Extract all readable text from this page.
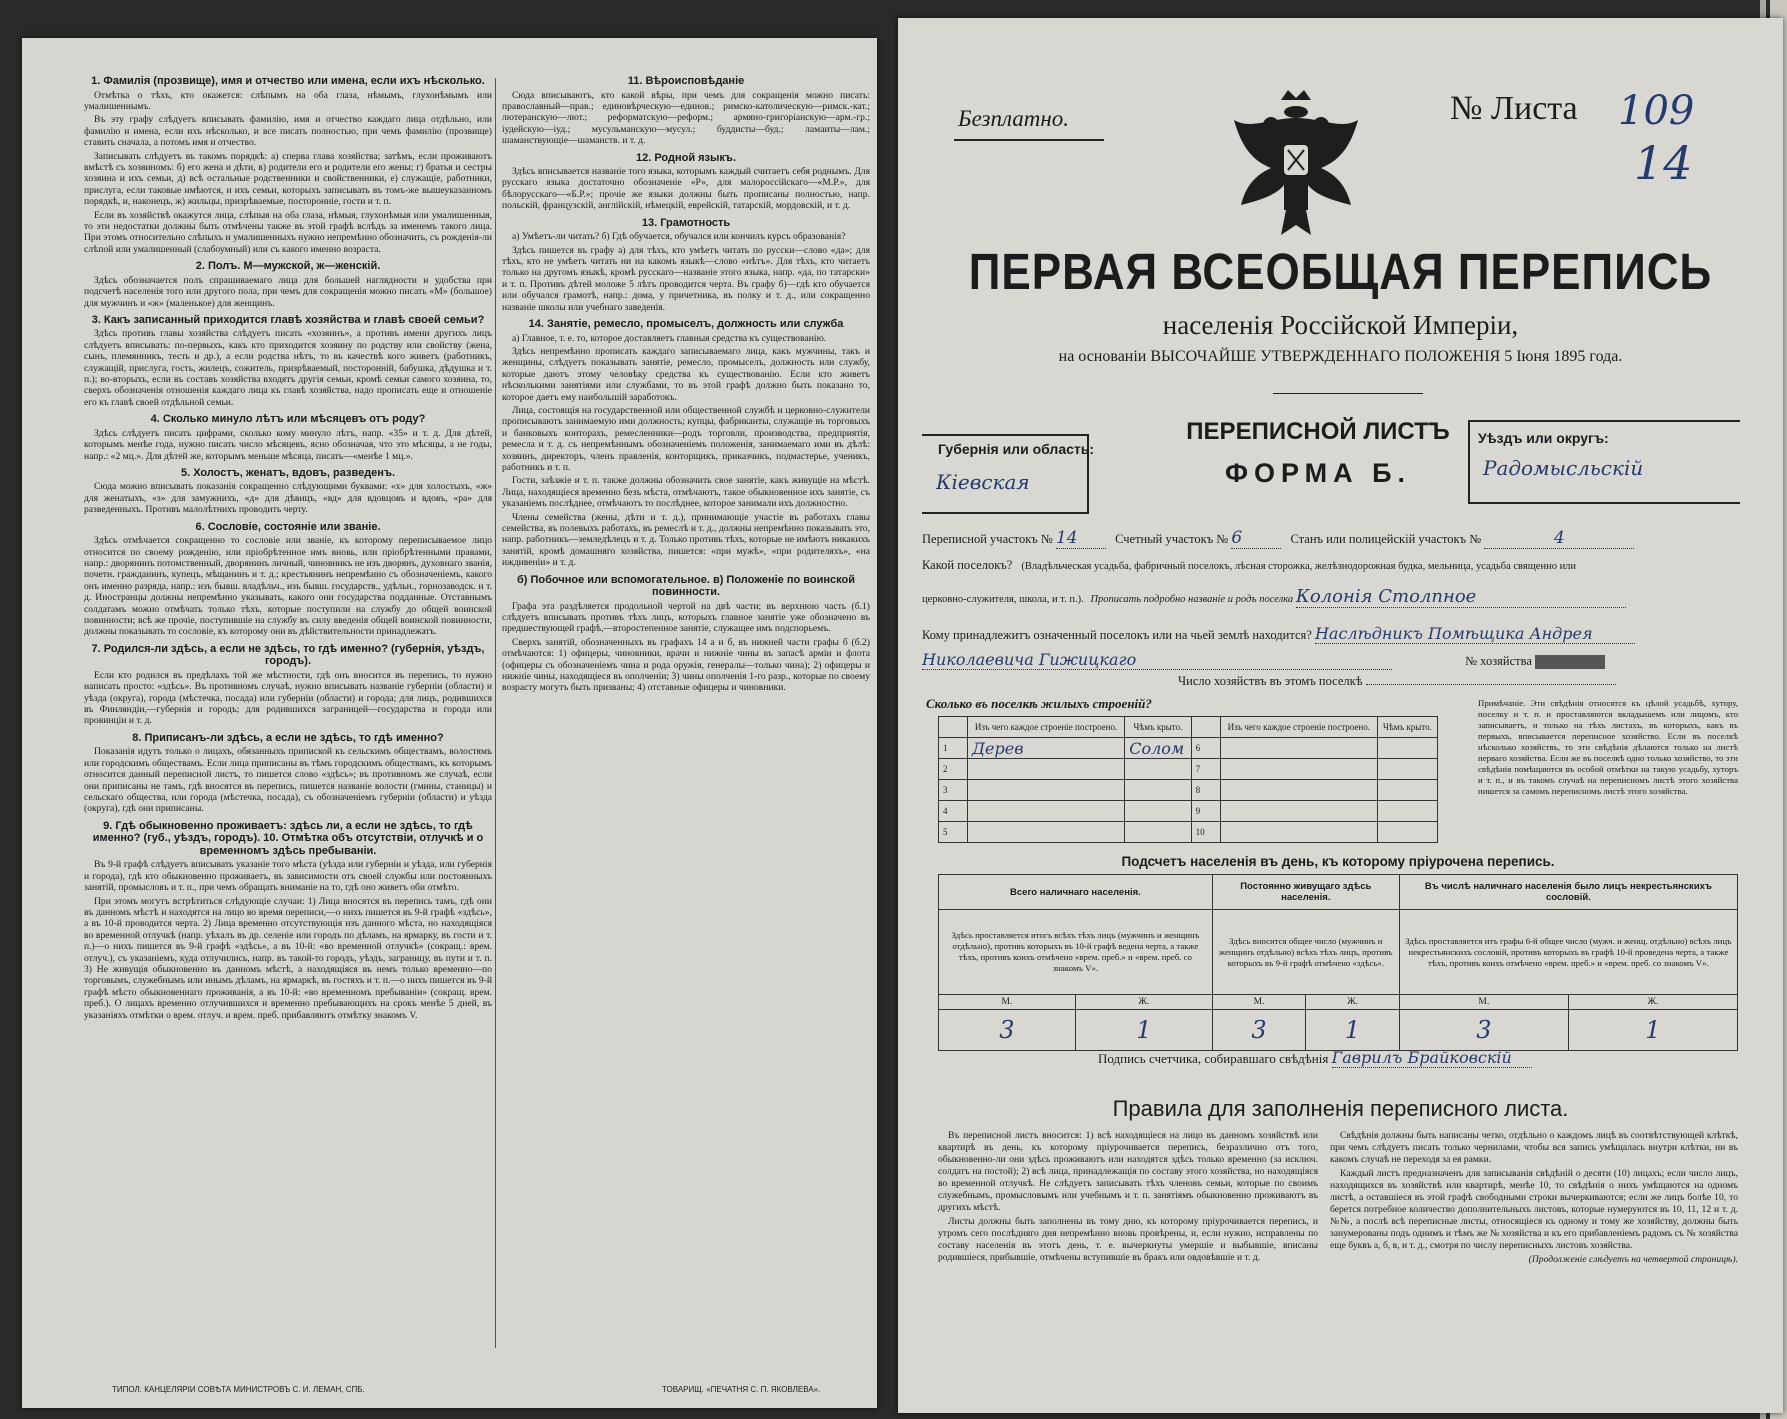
1. Фамилія (прозвище), имя и отчество или имена, если ихъ нѣсколько.

Отмѣтка о тѣхъ, кто окажется: слѣпымъ на оба глаза, нѣмымъ, глухонѣмымъ или умалишеннымъ.

Въ эту графу слѣдуетъ вписывать фамилію, имя и отчество каждаго лица отдѣльно, или фамилію и имена, если ихъ нѣсколько, и все писать полностью, при чемъ фамилію (прозвище) ставить сначала, а потомъ имя и отчество.

Записывать слѣдуетъ въ такомъ порядкѣ: а) сперва глава хозяйства; затѣмъ, если проживаютъ вмѣстѣ съ хозяиномъ: б) его жена и дѣти, в) родители его и родители его жены; г) братья и сестры хозяина и ихъ семьи, д) всѣ остальные родственники и свойственники, е) служащіе, работники, прислуга, если таковые имѣются, и ихъ семьи, которыхъ записывать въ томъ-же вышеуказанномъ порядкѣ, и, наконецъ, ж) жильцы, призрѣваемые, посторонніе, гости и т. п.

Если въ хозяйствѣ окажутся лица, слѣпыя на оба глаза, нѣмыя, глухонѣмыя или умалишенныя, то эти недостатки должны быть отмѣчены также въ этой графѣ вслѣдъ за именемъ такого лица. При этомъ относительно слѣпыхъ и умалишенныхъ нужно непремѣнно обозначить, съ рожденія-ли слѣпой или умалишенный (слабоумный) или съ какого именно возраста.

2. Полъ. М—мужской, ж—женскій.

Здѣсь обозначается полъ спрашиваемаго лица для большей наглядности и удобства при подсчетѣ населенія того или другого пола, при чемъ для сокращенія можно писать «М» (большое) для мужчинъ и «ж» (маленькое) для женщинъ.

3. Какъ записанный приходится главѣ хозяйства и главѣ своей семьи?

Здѣсь противъ главы хозяйства слѣдуетъ писать «хозяинъ», а противъ имени другихъ лицъ слѣдуетъ вписывать: по-первыхъ, какъ кто приходится хозяину по родству или свойству (жена, сынъ, племянникъ, тесть и др.), а если родства нѣтъ, то въ качествѣ кого живетъ (работникъ, служащій, прислуга, гость, жилецъ, сожитель, призрѣваемый, посторонній, бабушка, дѣдушка и т. п.); во-вторыхъ, если въ составъ хозяйства входятъ другія семьи, кромѣ семьи самого хозяина, то, сверхъ обозначенія отношенія каждаго лица къ главѣ хозяйства, надо прописать еще и отношеніе его къ главѣ своей отдѣльной семьи.

4. Сколько минуло лѣтъ или мѣсяцевъ отъ роду?

Здѣсь слѣдуетъ писать цифрами, сколько кому минуло лѣтъ, напр. «35» и т. д. Для дѣтей, которымъ менѣе года, нужно писать число мѣсяцевъ, ясно обозначая, что это мѣсяцы, а не годы, напр.: «2 мц.». Для дѣтей же, которымъ меньше мѣсяца, писать—«менѣе 1 мц.».

5. Холостъ, женатъ, вдовъ, разведенъ.

Сюда можно вписывать показанія сокращенно слѣдующими буквами: «х» для холостыхъ, «ж» для женатыхъ, «з» для замужнихъ, «д» для дѣвицъ, «вд» для вдовцовъ и вдовъ, «ра» для разведенныхъ. Противъ малолѣтнихъ проводить черту.

6. Сословіе, состояніе или званіе.

Здѣсь отмѣчается сокращенно то сословіе или званіе, къ которому переписываемое лицо относится по своему рожденію, или пріобрѣтенное имъ вновь, или пріобрѣтенными правами, напр.: дворянинъ потомственный, дворянинъ личный, чиновникъ не изъ дворянъ, духовнаго званія, почетн. гражданинъ, купецъ, мѣщанинъ и т. д.; крестьянинъ непремѣнно съ обозначеніемъ, какого онъ именно разряда, напр.: изъ бывш. владѣльч., изъ бывш. государств., удѣльн., горнозаводск. и т. д. Иностранцы должны непремѣнно указывать, какого они государства подданные. Отставнымъ солдатамъ можно отмѣчать только тѣхъ, которые поступили на службу до общей воинской повинности; всѣ же прочіе, поступившіе на службу въ силу введенія общей воинской повинности, должны показывать то сословіе, къ которому они въ дѣйствительности принадлежатъ.

7. Родился-ли здѣсь, а если не здѣсь, то гдѣ именно? (губернія, уѣздъ, городъ).

Если кто родился въ предѣлахъ той же мѣстности, гдѣ онъ вносится въ перепись, то нужно написать просто: «здѣсь». Въ противномъ случаѣ, нужно вписывать названіе губерніи (области) и уѣзда (округа), города (мѣстечка, посада) или губерніи (области) и города; для лицъ, родившихся въ Финляндіи,—губернія и городъ; для родившихся заграницей—государства и города или провинціи и т. д.

8. Приписанъ-ли здѣсь, а если не здѣсь, то гдѣ именно?

Показанія идутъ только о лицахъ, обязанныхъ припиской къ сельскимъ обществамъ, волостямъ или городскимъ обществамъ. Если лица приписаны въ тѣмъ городскимъ обществамъ, къ которымъ относится данный переписной листъ, то пишется слово «здѣсь»; въ противномъ же случаѣ, если они приписаны не тамъ, гдѣ вносятся въ перепись, пишется названіе волости (гмины, станицы) и сельскаго общества, или города (мѣстечка, посада), съ обозначеніемъ губерніи (области) и уѣзда (округа), гдѣ они приписаны.

9. Гдѣ обыкновенно проживаетъ: здѣсь ли, а если не здѣсь, то гдѣ именно? (губ., уѣздъ, городъ). 10. Отмѣтка объ отсутствіи, отлучкѣ и о временномъ здѣсь пребываніи.

Въ 9-й графѣ слѣдуетъ вписывать указаніе того мѣста (уѣзда или губерніи и уѣзда, или губернія и города), гдѣ кто обыкновенно проживаетъ, въ зависимости отъ своей службы или постоянныхъ занятій, промысловъ и т. п., при чемъ обращать вниманіе на то, гдѣ оно живетъ оби отмѣто.

При этомъ могутъ встрѣтиться слѣдующіе случаи: 1) Лица вносятся въ перепись тамъ, гдѣ они въ данномъ мѣстѣ и находятся на лицо во время переписи,—о нихъ пишется въ 9-й графѣ «здѣсь», а въ 10-й проводится черта. 2) Лица временно отсутствующія изъ данного мѣста, но находящіяся во временной отлучкѣ (напр. уѣхалъ въ др. селеніе или городъ по дѣламъ, на ярмарку, въ гости и т. п.)—о нихъ пишется въ 9-й графѣ «здѣсь», а въ 10-й: «во временной отлучкѣ» (сокращ.: врем. отлуч.), съ указаніемъ, куда отлучились, напр. въ такой-то городъ, уѣздъ, заграницу, въ пути и т. п. 3) Не живущія обыкновенно въ данномъ мѣстѣ, а находящіяся въ немъ только временно—по торговымъ, служебнымъ или инымъ дѣламъ, на ярмаркѣ, въ гостяхъ и т. п.—о нихъ пишется въ 9-й графѣ мѣсто обыкновеннаго проживанія, а въ 10-й: «во временномъ пребываніи» (сокращ. врем. преб.). О лицахъ временно отлучившихся и временно пребывающихъ на срокъ менѣе 5 дней, въ указаніяхъ отмѣтки о врем. отлуч. и врем. преб. прибавляютъ отмѣтку знакомъ V.

11. Вѣроисповѣданіе

Сюда вписываютъ, кто какой вѣры, при чемъ для сокращенія можно писать: православный—прав.; единовѣрческую—единов.; римско-католическую—римск.-кат.; лютеранскую—лют.; реформатскую—реформ.; армяно-григоріанскую—арм.-гр.; іудейскую—іуд.; мусульманскую—мусул.; буддисты—буд.; ламаиты—лам.; шаманствующіе—шаманств. и т. д.

12. Родной языкъ.

Здѣсь вписывается названіе того языка, которымъ каждый считаетъ себя роднымъ. Для русскаго языка достаточно обозначеніе «Р», для малороссійскаго—«М.Р.», для бѣлорусскаго—«Б.Р.»; прочіе же языки должны быть прописаны полностью, напр. польскій, французскій, англійскій, нѣмецкій, еврейскій, татарскій, мордовскій, и т. д.

13. Грамотность

а) Умѣетъ-ли читать? б) Гдѣ обучается, обучался или кончилъ курсъ образованія?

Здѣсь пишется въ графу а) для тѣхъ, кто умѣетъ читать по русски—слово «да»; для тѣхъ, кто не умѣетъ читать ни на какомъ языкѣ—слово «нѣтъ». Для тѣхъ, кто читаетъ только на другомъ языкѣ, кромѣ русскаго—названіе этого языка, напр. «да, по татарски» и т. п. Противъ дѣтей моложе 5 лѣтъ проводится черта. Въ графу б)—гдѣ кто обучается или обучался грамотѣ, напр.: дома, у причетника, въ полку и т. д., или сокращенно названіе школы или учебнаго заведенія.

14. Занятіе, ремесло, промыселъ, должность или служба

а) Главное, т. е. то, которое доставляетъ главныя средства къ существованію.

Здѣсь непремѣнно прописать каждаго записываемаго лица, какъ мужчины, такъ и женщины, слѣдуетъ показывать занятіе, ремесло, промыселъ, должность или службу, которые даютъ этому человѣку средства къ существованію. Если кто живетъ нѣсколькими занятіями или службами, то въ этой графѣ должно быть показано то, которое даетъ ему наибольшій заработокъ.

Лица, состоящія на государственной или общественной службѣ и церковно-служители прописываютъ занимаемую ими должность; купцы, фабриканты, служащіе въ торговыхъ и банковыхъ конторахъ, ремесленники—родъ торговли, производства, предприятія, ремесла и т. д. съ непремѣннымъ обозначеніемъ положенія, занимаемаго ими въ дѣлѣ: хозяинъ, директоръ, членъ правленія, конторщикъ, приказчикъ, подмастерье, ученикъ, работникъ и т. п.

Гости, заѣзжіе и т. п. также должны обозначить свое занятіе, какъ живущіе на мѣстѣ. Лица, находящіеся временно безъ мѣста, отмѣчаютъ, такое обыкновенное ихъ занятіе, съ указаніемъ послѣднее, отмѣчаютъ то послѣднее, которое занимали ихъ должностно.

Члены семейства (жены, дѣти и т. д.), принимающіе участіе въ работахъ главы семейства, въ полевыхъ работахъ, въ ремеслѣ и т. д., должны непремѣнно показывать это, напр. работникъ—земледѣлецъ и т. д. Только противъ тѣхъ, которые не имѣютъ никакихъ занятій, кромѣ домашняго хозяйства, пишется: «при мужѣ», «при родителяхъ», «на иждивеніи» и т. д.

б) Побочное или вспомогательное. в) Положеніе по воинской повинности.

Графа эта раздѣляется продольной чертой на двѣ части; въ верхнюю часть (б.1) слѣдуетъ вписывать противъ тѣхъ лицъ, которыхъ главное занятіе уже обозначено въ предшествующей графѣ,—второстепенное занятіе, служащее имъ подспорьемъ.

Сверхъ занятій, обозначенныхъ въ графахъ 14 а и б, въ нижней части графы б (б.2) отмѣчаются: 1) офицеры, чиновники, врачи и нижніе чины въ запасѣ армiи и флота (офицеры съ обозначеніемъ чина и рода оружія, генералы—только чина); 2) офицеры и нижніе чины, находящіеся въ ополченiи; 3) чины ополченiя 1-го разр., которые по своему возрасту могутъ быть призваны; 4) отставные офицеры и чиновники.

ТИПОЛ. КАНЦЕЛЯРІИ СОВѢТА МИНИСТРОВЪ С. И. ЛЕМАН, СПБ.	ТОВАРИЩ. «ПЕЧАТНЯ С. П. ЯКОВЛЕВА».
Безплатно.	№ Листа 109
14
ПЕРВАЯ ВСЕОБЩАЯ ПЕРЕПИСЬ
населенія Россійской Имперіи,
на основаніи ВЫСОЧАЙШЕ УТВЕРЖДЕННАГО ПОЛОЖЕНІЯ 5 Іюня 1895 года.
Губернія или область:
Кіевская
ПЕРЕПИСНОЙ ЛИСТЪ
ФОРМА Б.
Уѣздъ или округъ:
Радомысльскій
Переписной участокъ № 14	Счетный участокъ № 6	Станъ или полицейскій участокъ №	4
Какой поселокъ? (Владѣльческая усадьба, фабричный поселокъ, лѣсная сторожка, желѣзнодорожная будка, мельница, усадьба священно или
церковно-служителя, школа, и т. п.). Прописать подробно названіе и родъ поселка Колонія Столпное
Кому принадлежитъ означенный поселокъ или на чьей землѣ находится? Наслѣдникъ Помѣщика Андрея
Николаевича Гижицкаго	№ хозяйства
Число хозяйствъ въ этомъ поселкѣ
Сколько въ поселкѣ жилыхъ строеній?
	Изъ чего каждое строеніе построено.	Чѣмъ крыто.		Изъ чего каждое строеніе построено.	Чѣмъ крыто.
1	Дерев	Солом	6		
2			7		
3			8		
4			9		
5			10		
Примѣчаніе. Эти свѣдѣнія относятся къ цѣлой усадьбѣ, хутору, поселку и т. п. и проставляются вкладышемъ или лицомъ, кто записываетъ, и только на тѣхъ листахъ, въ которыхъ, какъ въ первыхъ, вписывается переписное хозяйство. Если въ поселкѣ нѣсколько хозяйствъ, то эти свѣдѣнія дѣлаются только на листѣ перваго хозяйства. Если же въ поселкѣ одно только хозяйство, то эти свѣдѣнія помѣщаются въ особой отмѣтки на такую усадьбу, хуторъ и т. п., и въ такомъ случаѣ на переписномъ листѣ этого хозяйства пишется за самомъ переписномъ листѣ этого хозяйства.
Подсчетъ населенія въ день, къ которому пріурочена перепись.
Всего наличнаго населенія.		Постоянно живущаго здѣсь населенія.		Въ числѣ наличнаго населенія было лицъ некрестьянскихъ сословій.	
Здѣсь проставляется итогъ всѣхъ тѣхъ лицъ (мужчинъ и женщинъ отдѣльно), противъ которыхъ въ 10-й графѣ ведена черта, а также тѣхъ, противъ коихъ отмѣчено «врем. преб.» и «врем. преб. со знакомъ V».		Здѣсь вносится общее число (мужчинъ и женщинъ отдѣльно) всѣхъ тѣхъ лицъ, противъ которыхъ въ 9-й графѣ отмѣчено «здѣсь».		Здѣсь проставляется итъ графы 6-й общее число (мужч. и женщ. отдѣльно) всѣхъ лицъ некрестьянскихъ сословій, противъ которыхъ въ графѣ 10-й проведена черта, а также тѣхъ, противъ коихъ отмѣчено «врем. преб.» и «врем. преб. со знакомъ V».	
М.	Ж.	М.	Ж.	М.	Ж.
3	1	3	1	3	1
Подпись счетчика, собиравшаго свѣдѣнія Гаврилъ Брайковскій
Правила для заполненія переписного листа.

Въ переписной листъ вносится: 1) всѣ находящіеся на лицо въ данномъ хозяйствѣ или квартирѣ въ день, къ которому пріурочивается перепись, безразлично отъ того, обыкновенно-ли они здѣсь проживаютъ или находятся здѣсь только временно (за исключ. солдатъ на постой); 2) всѣ лица, принадлежащія по составу этого хозяйства, но находящіяся во временной отлучкѣ. Не слѣдуетъ записывать тѣхъ членовъ семьи, которые по своимъ служебнымъ, промысловымъ или учебнымъ и т. п. занятіямъ обыкновенно проживаютъ въ другихъ мѣстѣ.

Листы должны быть заполнены въ тому дню, къ которому пріурочивается перепись, и утромъ сего послѣдняго дня непремѣнно вновь провѣрены, и, если нужно, исправлены по составу населенія въ этотъ день, т. е. вычеркнуты умершіе и выбывшіе, вписаны родившіеся, прибывшіе, отмѣчены вступившіе въ бракъ или овдовѣвшіе и т. д.

Свѣдѣнія должны быть написаны четко, отдѣльно о каждомъ лицѣ въ соотвѣтствующей клѣткѣ, при чемъ слѣдуетъ писать только чернилами, чтобы вся запись умѣщалась внутри клѣтки, ни въ какомъ случаѣ не переходя за ея рамки.

Каждый листъ предназначенъ для записыванія свѣдѣній о десяти (10) лицахъ; если число лицъ, находящихся въ хозяйствѣ или квартирѣ, менѣе 10, то свѣдѣнія о нихъ умѣщаются на одномъ листѣ, а оставшіеся въ этой графѣ свободными строки вычеркиваются; если же лицъ болѣе 10, то берется потребное количество дополнительныхъ листовъ, которые нумеруются въ 10, 11, 12 и т. д. №№, а послѣ всѣ переписные листы, относящіеся къ одному и тому же хозяйству, должны быть занумерованы подъ однимъ и тѣмъ же № хозяйства и къ его прибавленіемъ радомъ съ № хозяйства еще буквъ а, б, в, и т. д., смотря по числу переписныхъ листовъ хозяйства.

(Продолженіе слѣдуетъ на четвертой страницѣ).
